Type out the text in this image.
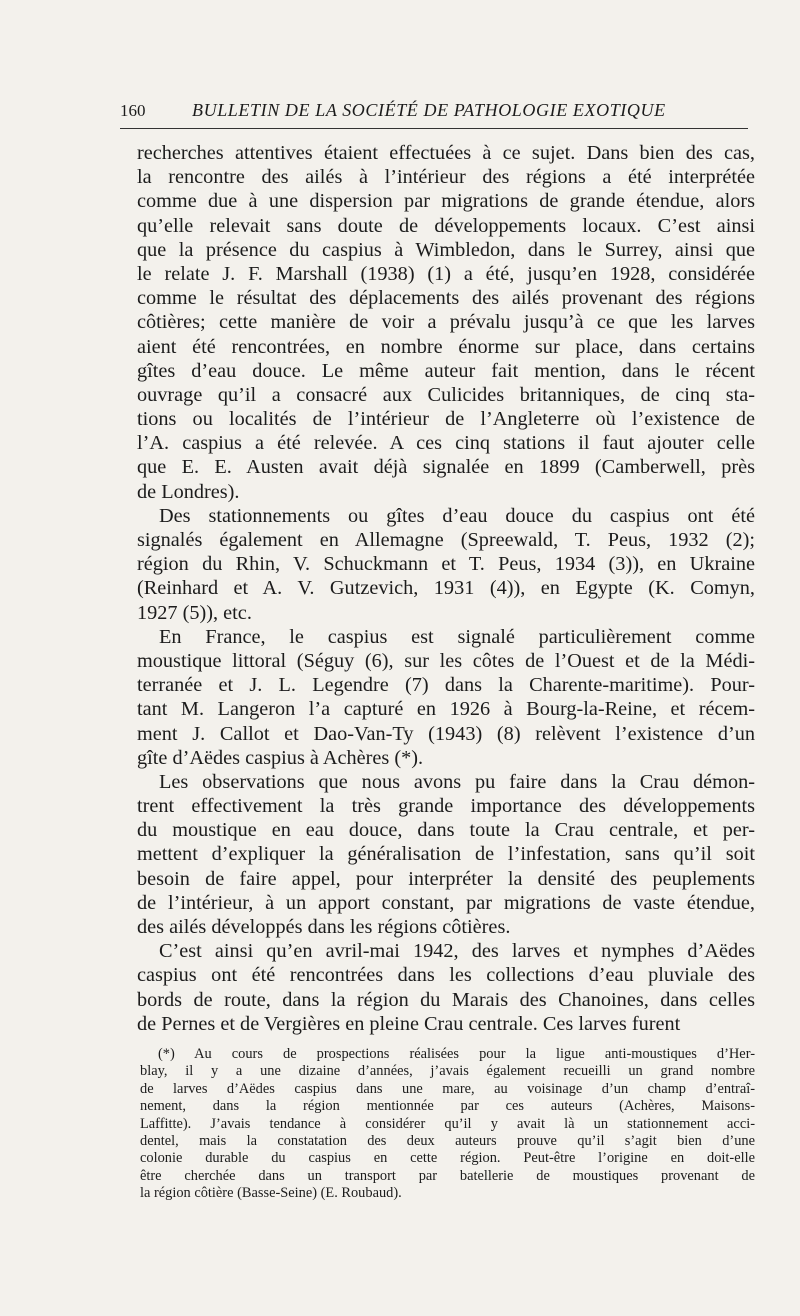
160	BULLETIN DE LA SOCIÉTÉ DE PATHOLOGIE EXOTIQUE
recherches attentives étaient effectuées à ce sujet. Dans bien des cas,
la rencontre des ailés à l’intérieur des régions a été interprétée
comme due à une dispersion par migrations de grande étendue, alors
qu’elle relevait sans doute de développements locaux. C’est ainsi
que la présence du caspius à Wimbledon, dans le Surrey, ainsi que
le relate J. F. Marshall (1938) (1) a été, jusqu’en 1928, considérée
comme le résultat des déplacements des ailés provenant des régions
côtières; cette manière de voir a prévalu jusqu’à ce que les larves
aient été rencontrées, en nombre énorme sur place, dans certains
gîtes d’eau douce. Le même auteur fait mention, dans le récent
ouvrage qu’il a consacré aux Culicides britanniques, de cinq sta-
tions ou localités de l’intérieur de l’Angleterre où l’existence de
l’A. caspius a été relevée. A ces cinq stations il faut ajouter celle
que E. E. Austen avait déjà signalée en 1899 (Camberwell, près
de Londres).
Des stationnements ou gîtes d’eau douce du caspius ont été
signalés également en Allemagne (Spreewald, T. Peus, 1932 (2);
région du Rhin, V. Schuckmann et T. Peus, 1934 (3)), en Ukraine
(Reinhard et A. V. Gutzevich, 1931 (4)), en Egypte (K. Comyn,
1927 (5)), etc.
En France, le caspius est signalé particulièrement comme
moustique littoral (Séguy (6), sur les côtes de l’Ouest et de la Médi-
terranée et J. L. Legendre (7) dans la Charente-maritime). Pour-
tant M. Langeron l’a capturé en 1926 à Bourg-la-Reine, et récem-
ment J. Callot et Dao-Van-Ty (1943) (8) relèvent l’existence d’un
gîte d’Aëdes caspius à Achères (*).
Les observations que nous avons pu faire dans la Crau démon-
trent effectivement la très grande importance des développements
du moustique en eau douce, dans toute la Crau centrale, et per-
mettent d’expliquer la généralisation de l’infestation, sans qu’il soit
besoin de faire appel, pour interpréter la densité des peuplements
de l’intérieur, à un apport constant, par migrations de vaste étendue,
des ailés développés dans les régions côtières.
C’est ainsi qu’en avril-mai 1942, des larves et nymphes d’Aëdes
caspius ont été rencontrées dans les collections d’eau pluviale des
bords de route, dans la région du Marais des Chanoines, dans celles
de Pernes et de Vergières en pleine Crau centrale. Ces larves furent
(*) Au cours de prospections réalisées pour la ligue anti-moustiques d’Her-
blay, il y a une dizaine d’années, j’avais également recueilli un grand nombre
de larves d’Aëdes caspius dans une mare, au voisinage d’un champ d’entraî-
nement, dans la région mentionnée par ces auteurs (Achères, Maisons-
Laffitte). J’avais tendance à considérer qu’il y avait là un stationnement acci-
dentel, mais la constatation des deux auteurs prouve qu’il s’agit bien d’une
colonie durable du caspius en cette région. Peut-être l’origine en doit-elle
être cherchée dans un transport par batellerie de moustiques provenant de
la région côtière (Basse-Seine) (E. Roubaud).
